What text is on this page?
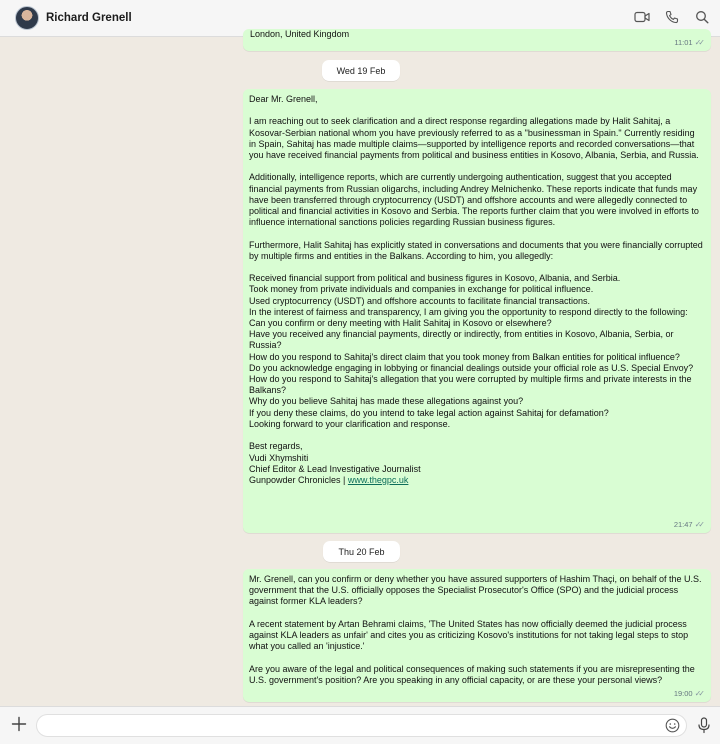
Richard Grenell
London, United Kingdom
11:01 ✓✓
Wed 19 Feb
Dear Mr. Grenell,

I am reaching out to seek clarification and a direct response regarding allegations made by Halit Sahitaj, a Kosovar-Serbian national whom you have previously referred to as a "businessman in Spain." Currently residing in Spain, Sahitaj has made multiple claims—supported by intelligence reports and recorded conversations—that you have received financial payments from political and business entities in Kosovo, Albania, Serbia, and Russia.

Additionally, intelligence reports, which are currently undergoing authentication, suggest that you accepted financial payments from Russian oligarchs, including Andrey Melnichenko. These reports indicate that funds may have been transferred through cryptocurrency (USDT) and offshore accounts and were allegedly connected to political and financial activities in Kosovo and Serbia. The reports further claim that you were involved in efforts to influence international sanctions policies regarding Russian business figures.

Furthermore, Halit Sahitaj has explicitly stated in conversations and documents that you were financially corrupted by multiple firms and entities in the Balkans. According to him, you allegedly:

Received financial support from political and business figures in Kosovo, Albania, and Serbia.
Took money from private individuals and companies in exchange for political influence.
Used cryptocurrency (USDT) and offshore accounts to facilitate financial transactions.
In the interest of fairness and transparency, I am giving you the opportunity to respond directly to the following:
Can you confirm or deny meeting with Halit Sahitaj in Kosovo or elsewhere?
Have you received any financial payments, directly or indirectly, from entities in Kosovo, Albania, Serbia, or Russia?
How do you respond to Sahitaj's direct claim that you took money from Balkan entities for political influence?
Do you acknowledge engaging in lobbying or financial dealings outside your official role as U.S. Special Envoy?
How do you respond to Sahitaj's allegation that you were corrupted by multiple firms and private interests in the Balkans?
Why do you believe Sahitaj has made these allegations against you?
If you deny these claims, do you intend to take legal action against Sahitaj for defamation?
Looking forward to your clarification and response.

Best regards,
Vudi Xhymshiti
Chief Editor & Lead Investigative Journalist
Gunpowder Chronicles | www.thegpc.uk
21:47 ✓✓
Thu 20 Feb
Mr. Grenell, can you confirm or deny whether you have assured supporters of Hashim Thaçi, on behalf of the U.S. government that the U.S. officially opposes the Specialist Prosecutor's Office (SPO) and the judicial process against former KLA leaders?

A recent statement by Artan Behrami claims, 'The United States has now officially deemed the judicial process against KLA leaders as unfair' and cites you as criticizing Kosovo's institutions for not taking legal steps to stop what you called an 'injustice.'

Are you aware of the legal and political consequences of making such statements if you are misrepresenting the U.S. government's position? Are you speaking in any official capacity, or are these your personal views?
19:00 ✓✓
